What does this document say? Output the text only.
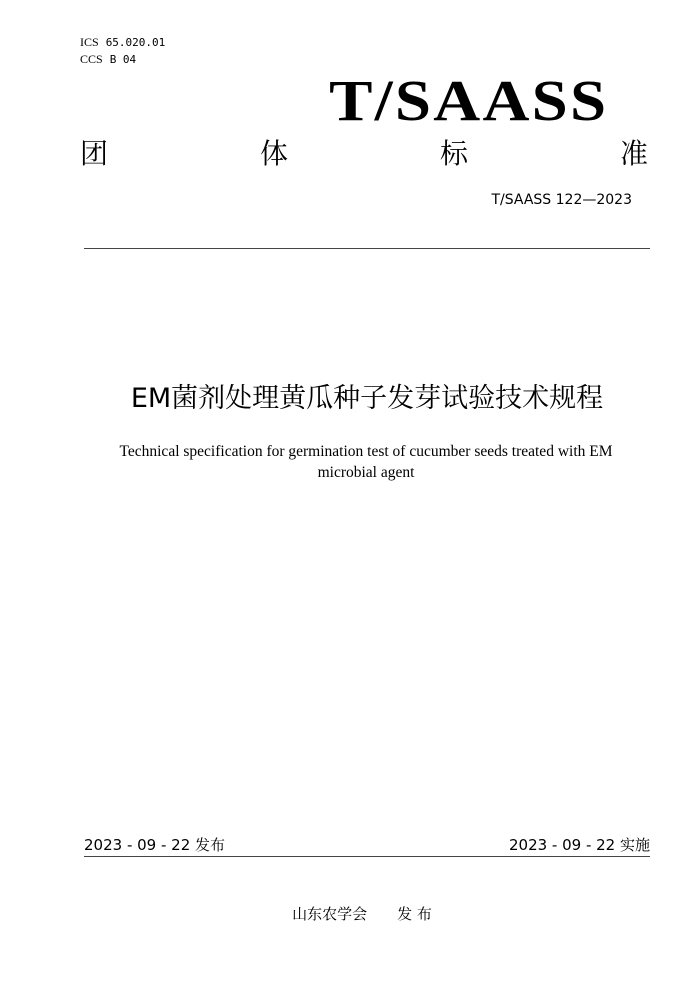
ICS 65.020.01
CCS B 04
T/SAASS
团	体	标	准
T/SAASS 122—2023
EM菌剂处理黄瓜种子发芽试验技术规程
Technical specification for germination test of cucumber seeds treated with EM microbial agent
2023 - 09 - 22 发布	2023 - 09 - 22 实施
山东农学会 发 布
